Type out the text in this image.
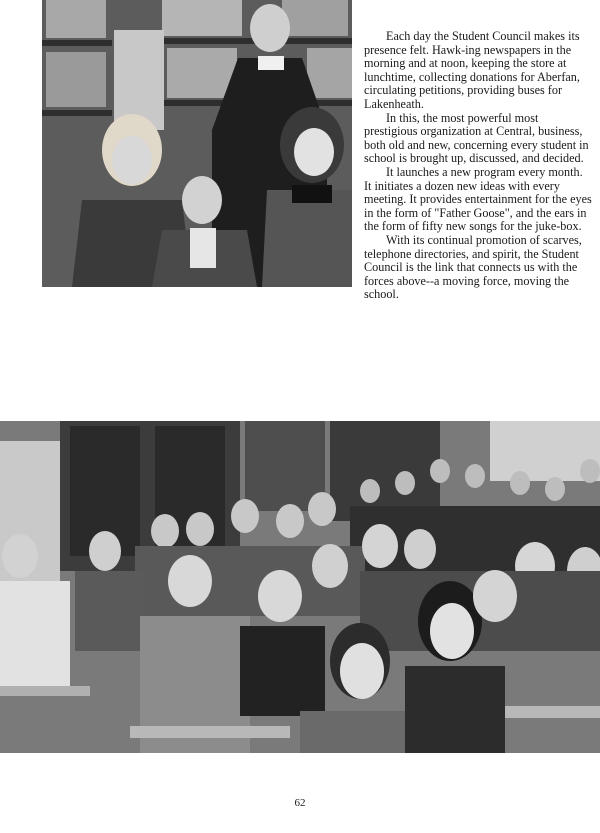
Each day the Student Council makes its presence felt. Hawk-ing newspapers in the morning and at noon, keeping the store at lunchtime, collecting donations for Aberfan, circulating petitions, providing buses for Lakenheath.

In this, the most powerful most prestigious organization at Central, business, both old and new, concerning every student in school is brought up, discussed, and decided.

It launches a new program every month. It initiates a dozen new ideas with every meeting. It provides entertainment for the eyes in the form of "Father Goose", and the ears in the form of fifty new songs for the juke-box.

With its continual promotion of scarves, telephone directories, and spirit, the Student Council is the link that connects us with the forces above--a moving force, moving the school.

62
